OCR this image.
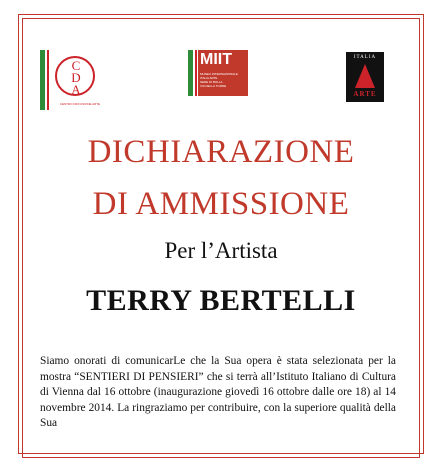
C
D
A
CENTRO DIFFUSIONE ARTE
MIIT
MUSEO INTERNAZIONALE
ITALIA ARTE
SEDE DI BOLLA
VIA DELLA TORRE
ITALIA
ARTE
DICHIARAZIONE
DI AMMISSIONE
Per l’Artista
TERRY BERTELLI
Siamo onorati di comunicarLe che la Sua opera è stata selezionata per la mostra “SENTIERI DI PENSIERI” che si terrà all’Istituto Italiano di Cultura di Vienna dal 16 ottobre (inaugurazione giovedì 16 ottobre dalle ore 18) al 14 novembre 2014. La ringraziamo per contribuire, con la superiore qualità della Sua
